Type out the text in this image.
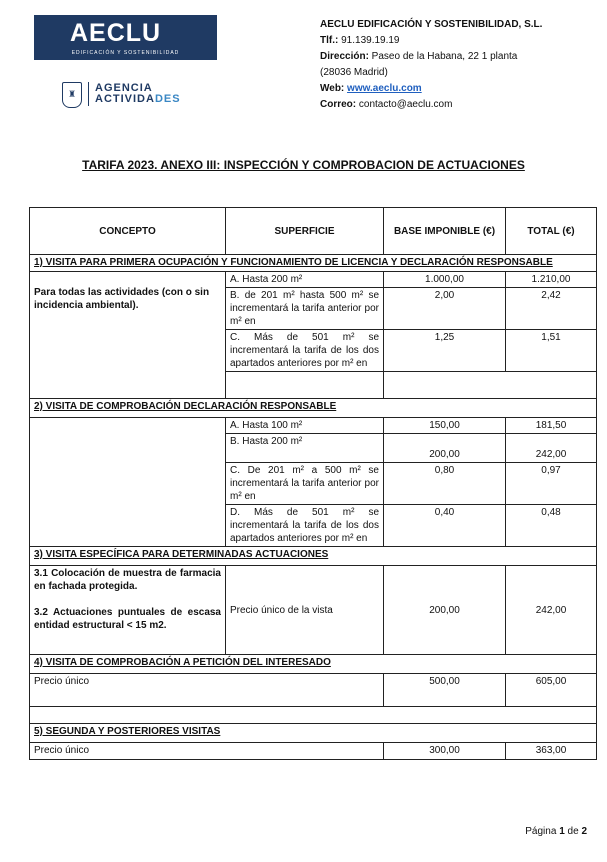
AECLU
EDIFICACIÓN Y SOSTENIBILIDAD
♜	AGENCIA
ACTIVIDADES
AECLU EDIFICACIÓN Y SOSTENIBILIDAD, S.L.
Tlf.: 91.139.19.19
Dirección: Paseo de la Habana, 22 1 planta
(28036 Madrid)
Web: www.aeclu.com
Correo: contacto@aeclu.com
TARIFA 2023. ANEXO III: INSPECCIÓN Y COMPROBACION DE ACTUACIONES
CONCEPTO	SUPERFICIE	BASE IMPONIBLE (€)	TOTAL (€)
1) VISITA PARA PRIMERA OCUPACIÓN Y FUNCIONAMIENTO DE LICENCIA Y DECLARACIÓN RESPONSABLE			

Para todas las actividades (con o sin incidencia ambiental).	A. Hasta 200 m²	1.000,00	1.210,00
	B. de 201 m² hasta 500 m² se incrementará la tarifa anterior por m² en	2,00	2,42
	C. Más de 501 m² se incrementará la tarifa de los dos apartados anteriores por m² en	1,25	1,51

2) VISITA DE COMPROBACIÓN DECLARACIÓN RESPONSABLE			
	A. Hasta 100 m²	150,00	181,50
	B. Hasta 200 m²	200,00	242,00
	C. De 201 m² a 500 m² se incrementará la tarifa anterior por m² en	0,80	0,97
	D. Más de 501 m² se incrementará la tarifa de los dos apartados anteriores por m² en	0,40	0,48
3) VISITA ESPECÍFICA PARA DETERMINADAS ACTUACIONES			

3.1 Colocación de muestra de farmacia en fachada protegida.
3.2 Actuaciones puntuales de escasa entidad estructural < 15 m2.	Precio único de la vista	200,00	242,00
4) VISITA DE COMPROBACIÓN A PETICIÓN DEL INTERESADO			
Precio único		500,00	605,00

5) SEGUNDA Y POSTERIORES VISITAS			
Precio único		300,00	363,00
Página 1 de 2
